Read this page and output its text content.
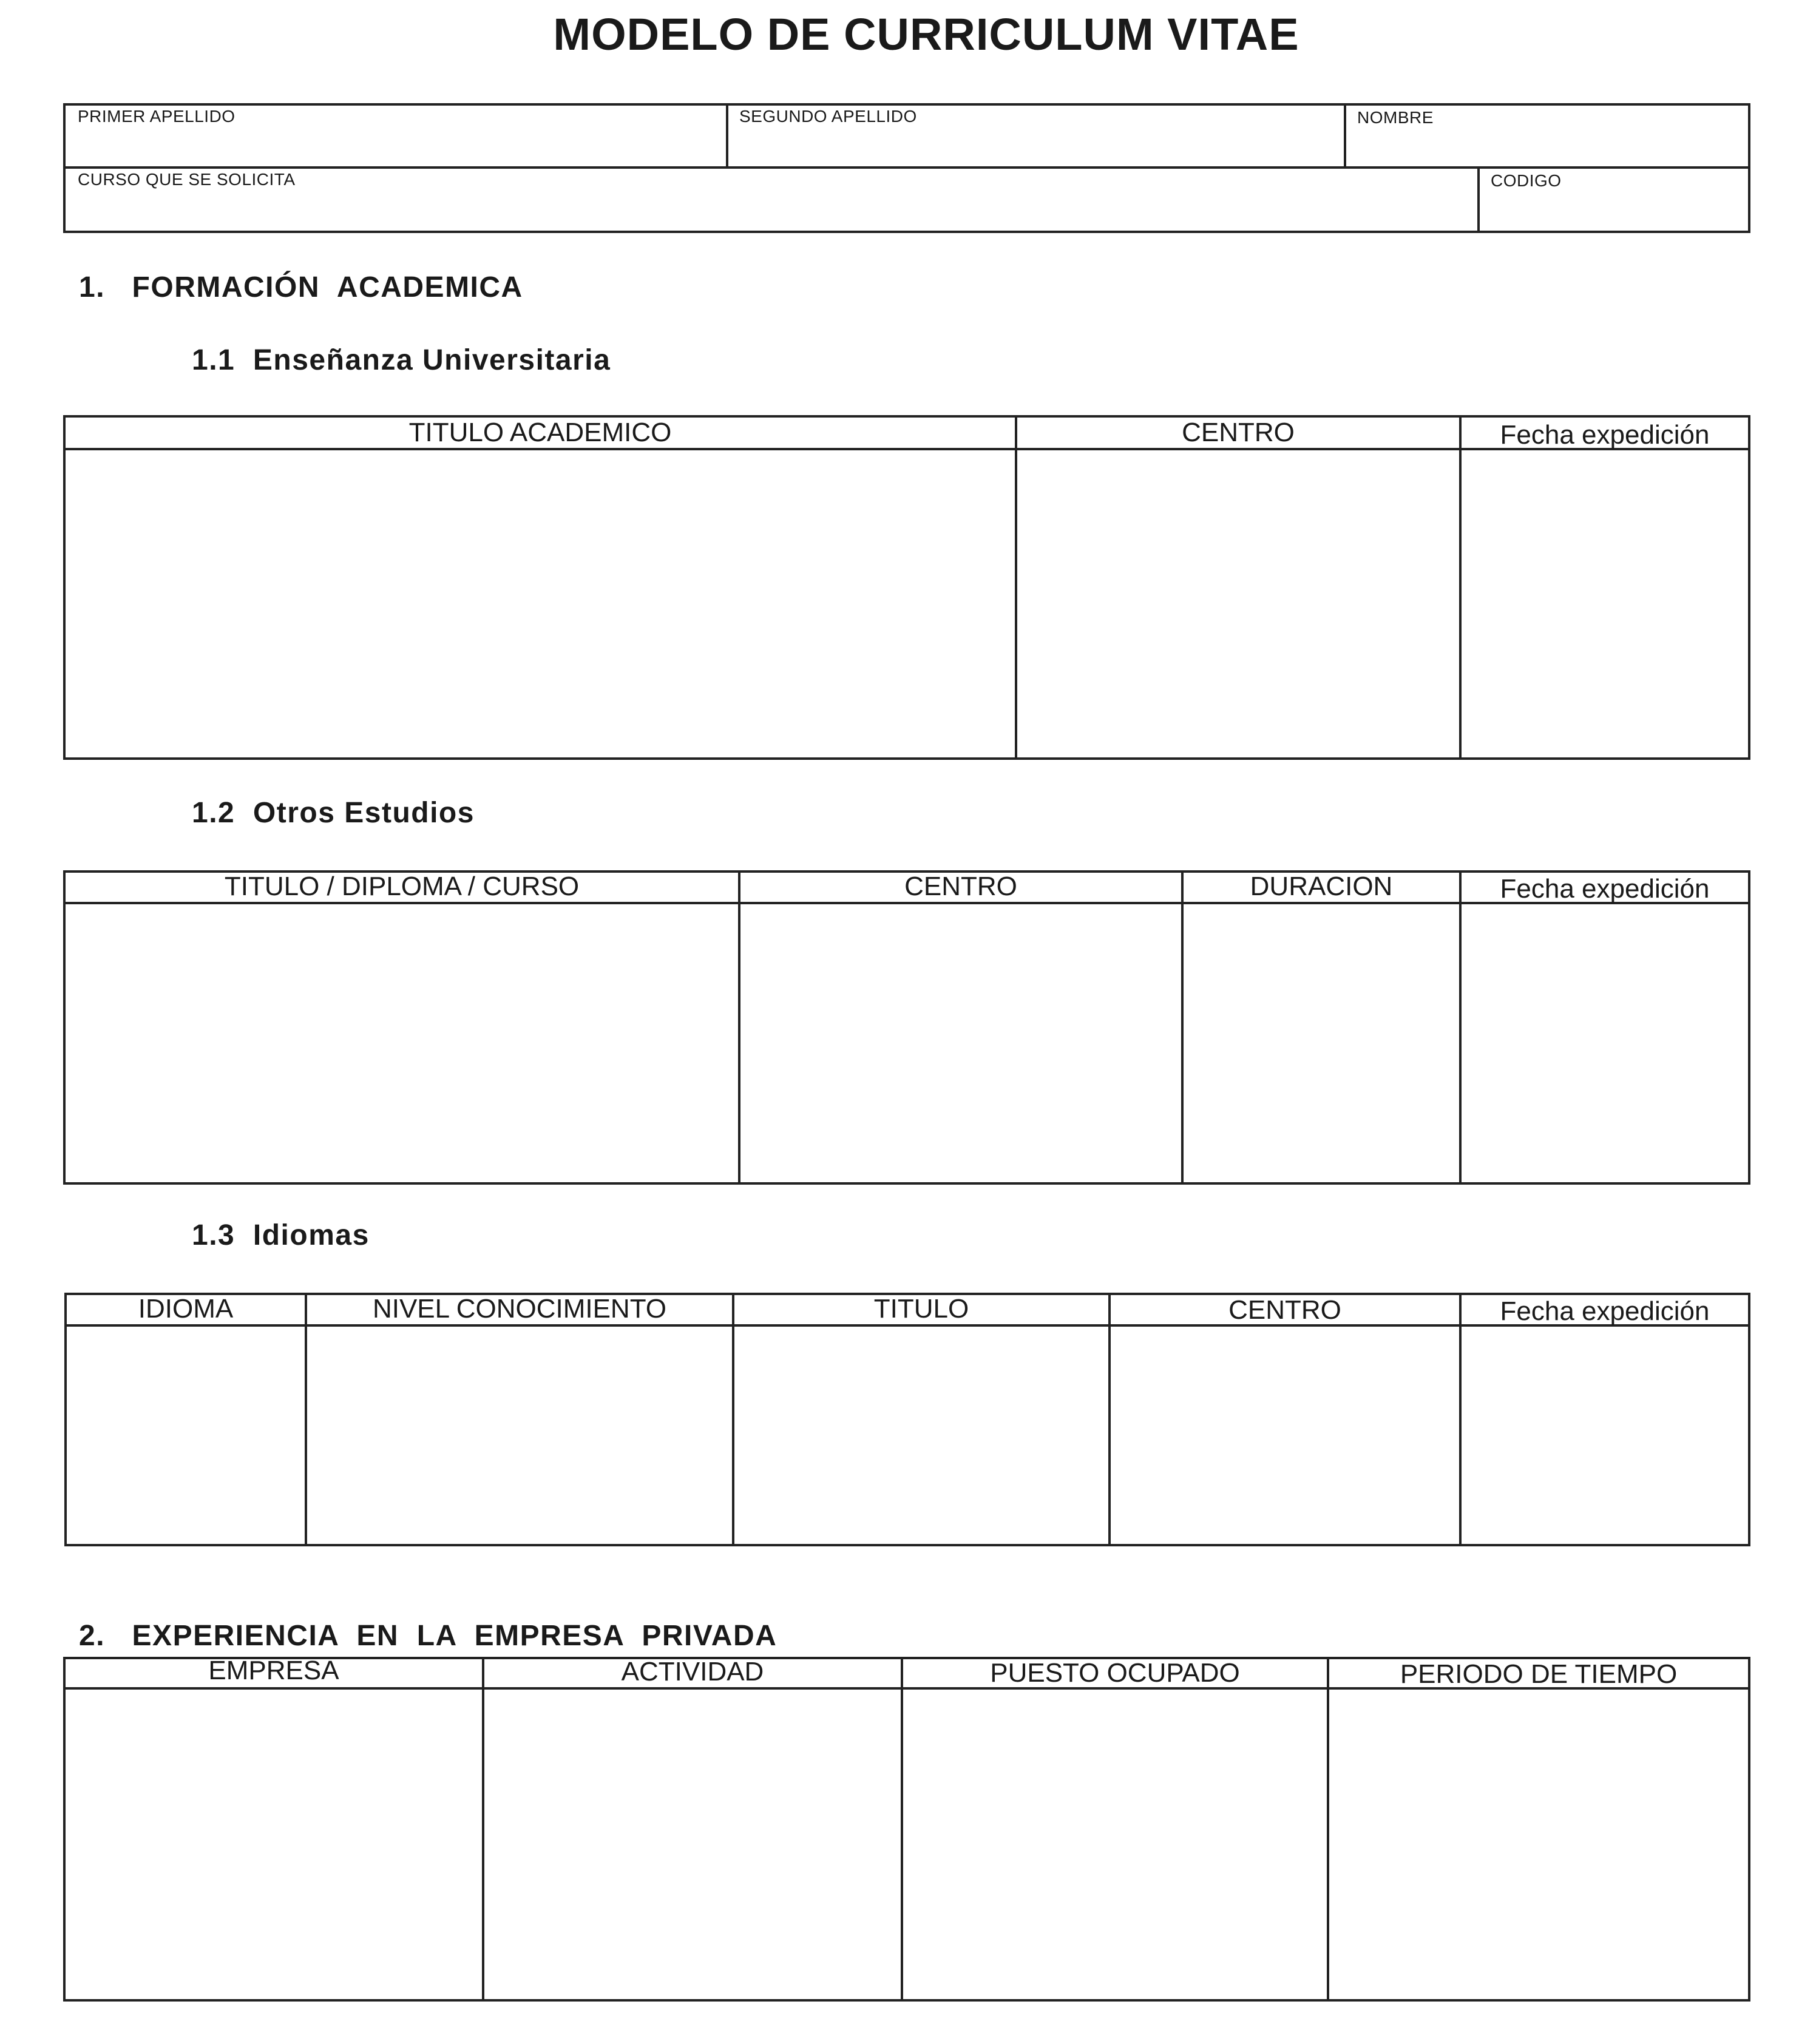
MODELO DE CURRICULUM VITAE
PRIMER APELLIDO	SEGUNDO APELLIDO	NOMBRE
CURSO QUE SE SOLICITA	CODIGO
1.   FORMACIÓN  ACADEMICA
1.1  Enseñanza Universitaria
TITULO ACADEMICO	CENTRO	Fecha expedición
1.2  Otros Estudios
TITULO / DIPLOMA / CURSO	CENTRO	DURACION	Fecha expedición
1.3  Idiomas
IDIOMA	NIVEL CONOCIMIENTO	TITULO	CENTRO	Fecha expedición
2.   EXPERIENCIA  EN  LA  EMPRESA  PRIVADA
EMPRESA	ACTIVIDAD	PUESTO OCUPADO	PERIODO DE TIEMPO
